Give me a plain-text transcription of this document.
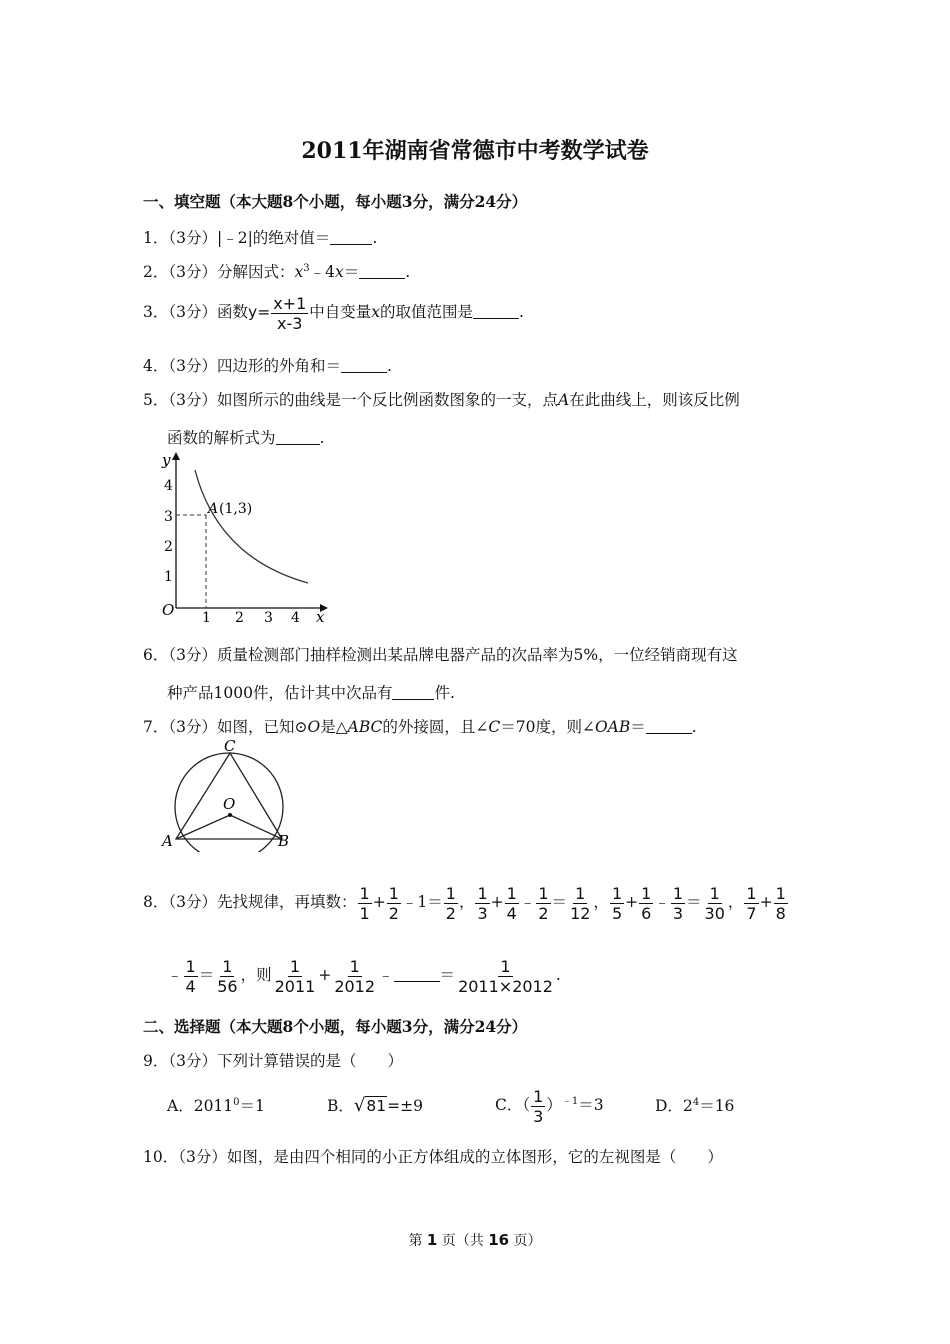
2011年湖南省常德市中考数学试卷
一、填空题（本大题8个小题，每小题3分，满分24分）
1．（3分）|﹣2|的绝对值＝	.
2．（3分）分解因式：$x^3﹣4x=$	.
3．（3分）函数$y= \frac{x+1}{x-3}$ 中自变量x的取值范围是	.
4．（3分）四边形的外角和＝	.
5．（3分）如图所示的曲线是一个反比例函数图象的一支，点A在此曲线上，则该反比例
函数的解析式为	.
y
x
O
A (1,3)
1 2 3 4
1
2
3
4
6．（3分）质量检测部门抽样检测出某品牌电器产品的次品率为5%，一位经销商现有这
种产品1000件，估计其中次品有	件.
7．（3分）如图，已知⊙O是△ABC的外接圆，且∠C＝70度，则∠OAB＝	.
C
O
A	B
8．（3分）先找规律，再填数： $\frac{1}{1} + \frac{1}{2}$ ﹣1＝ $\frac{1}{2}$ ， $\frac{1}{3} + \frac{1}{4}$ ﹣ $\frac{1}{2} = \frac{1}{12}$ ， $\frac{1}{5} + \frac{1}{6}$ ﹣ $\frac{1}{3} = \frac{1}{30}$ ， $\frac{1}{7} + \frac{1}{8}$
﹣ $\frac{1}{4} = \frac{1}{56}$ ，则 $\frac{1}{2011} + \frac{1}{2012}$ ﹣	＝ $\frac{1}{2011\times 2012}$ .
二、选择题（本大题8个小题，每小题3分，满分24分）
9．（3分）下列计算错误的是（　　）
A．$2011^0=1$	B．√81=±9	C．（ $\frac{1}{3} )^{﹣1}=3$	D．$2^4=16$
10．（3分）如图，是由四个相同的小正方体组成的立体图形，它的左视图是（　　）
第 1 页（共 16 页）
